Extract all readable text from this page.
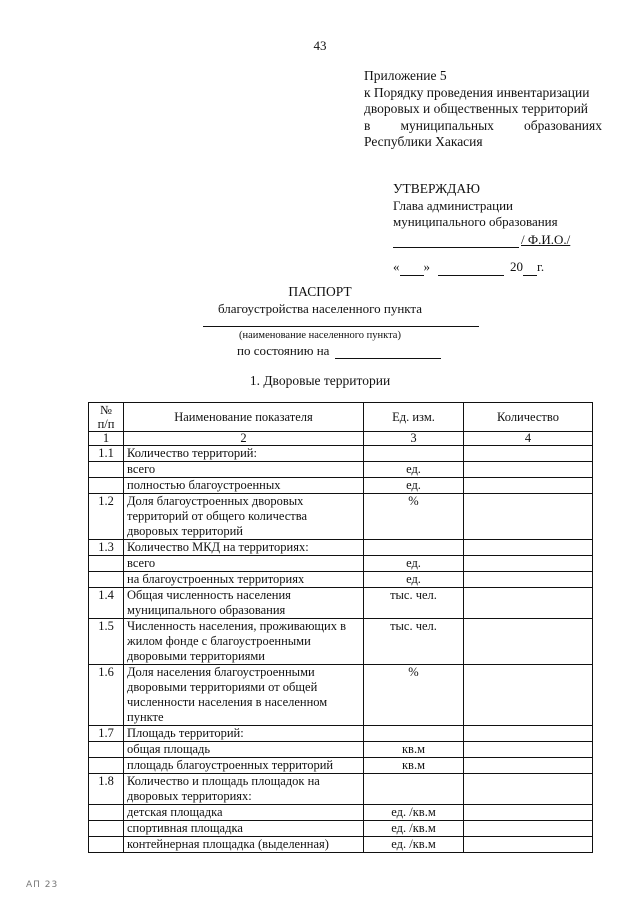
43
Приложение 5
к Порядку проведения инвентаризации
дворовых и общественных территорий
в муниципальных образованиях
Республики Хакасия
УТВЕРЖДАЮ
Глава администрации
муниципального образования
/ Ф.И.О./
« »	20 г.
ПАСПОРТ
благоустройства населенного пункта
(наименование населенного пункта)
по состоянию на
1. Дворовые территории
№
п/п	Наименование показателя	Ед. изм.	Количество
1	2	3	4
1.1	Количество территорий:		
	всего	ед.	
	полностью благоустроенных	ед.	
1.2	Доля благоустроенных дворовых территорий от общего количества дворовых территорий	%	
1.3	Количество МКД на территориях:		
	всего	ед.	
	на благоустроенных территориях	ед.	
1.4	Общая численность населения муниципального образования	тыс. чел.	
1.5	Численность населения, проживающих в жилом фонде с благоустроенными дворовыми территориями	тыс. чел.	
1.6	Доля населения благоустроенными дворовыми территориями от общей численности населения в населенном пункте	%	
1.7	Площадь территорий:		
	общая площадь	кв.м	
	площадь благоустроенных территорий	кв.м	
1.8	Количество и площадь площадок на дворовых территориях:		
	детская площадка	ед. /кв.м	
	спортивная площадка	ед. /кв.м	
	контейнерная площадка (выделенная)	ед. /кв.м	
АП 23
